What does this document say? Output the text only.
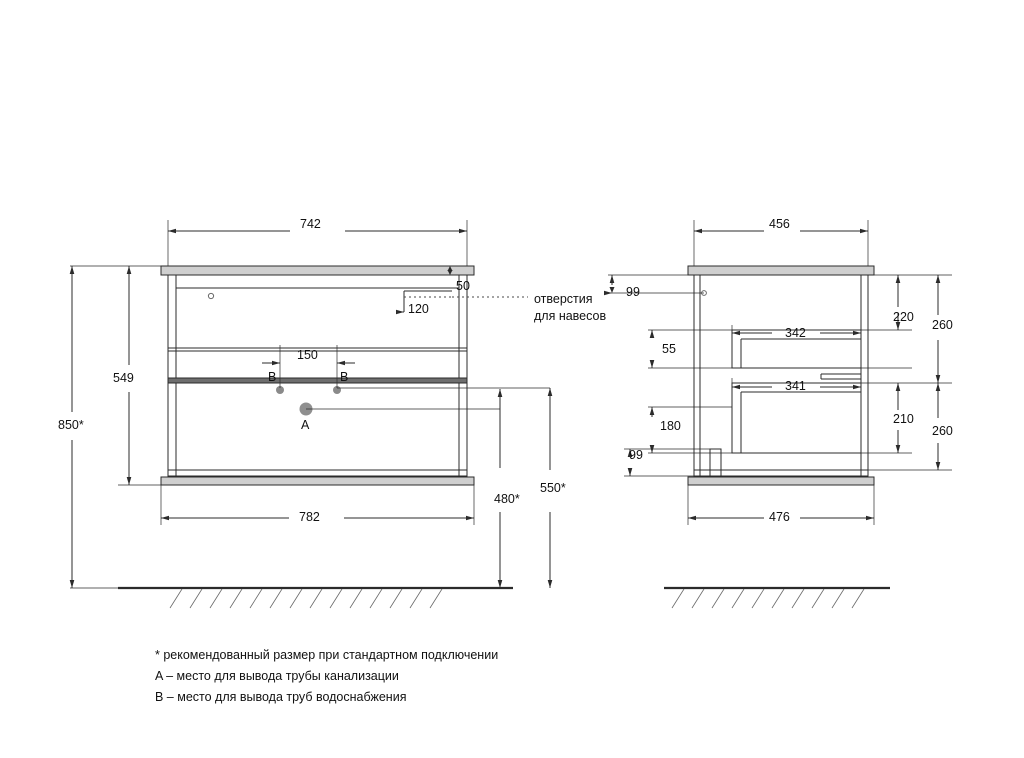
742
782
549
850*
50
120
150
480*
550*
B	B
A
отверстия
для навесов
456
476
99
55
342
341
180
99
220
260
210
260
* рекомендованный размер при стандартном подключении
A – место для вывода трубы канализации
B – место для вывода труб водоснабжения
